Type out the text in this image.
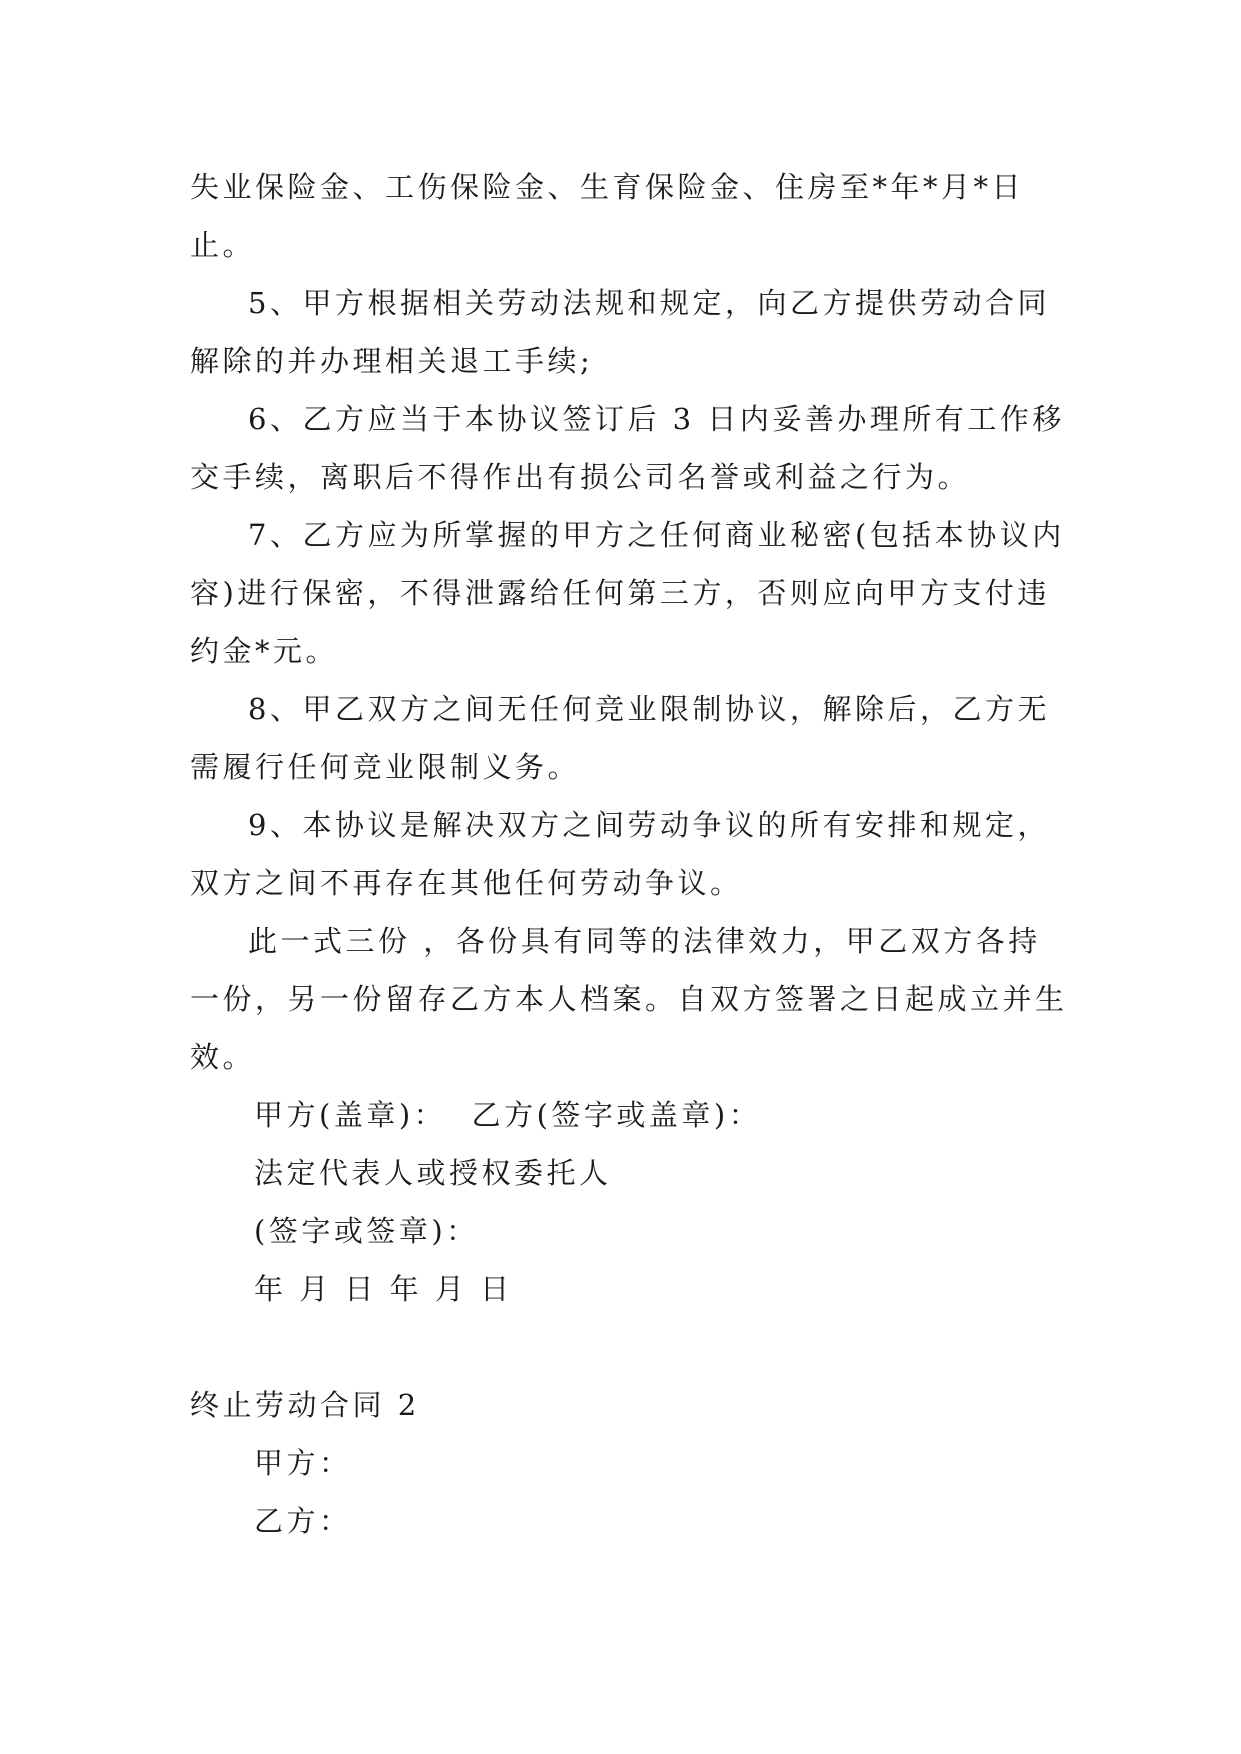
失业保险金、工伤保险金、生育保险金、住房至*年*月*日止。

5、甲方根据相关劳动法规和规定，向乙方提供劳动合同解除的并办理相关退工手续;

6、乙方应当于本协议签订后 3 日内妥善办理所有工作移交手续，离职后不得作出有损公司名誉或利益之行为。

7、乙方应为所掌握的甲方之任何商业秘密(包括本协议内容)进行保密，不得泄露给任何第三方，否则应向甲方支付违约金*元。

8、甲乙双方之间无任何竞业限制协议，解除后，乙方无需履行任何竞业限制义务。

9、本协议是解决双方之间劳动争议的所有安排和规定，双方之间不再存在其他任何劳动争议。

此一式三份 ，各份具有同等的法律效力，甲乙双方各持一份，另一份留存乙方本人档案。自双方签署之日起成立并生效。

甲方(盖章)：  乙方(签字或盖章)：

法定代表人或授权委托人

(签字或签章)：

年 月 日 年 月 日

终止劳动合同 2

甲方：

乙方：
